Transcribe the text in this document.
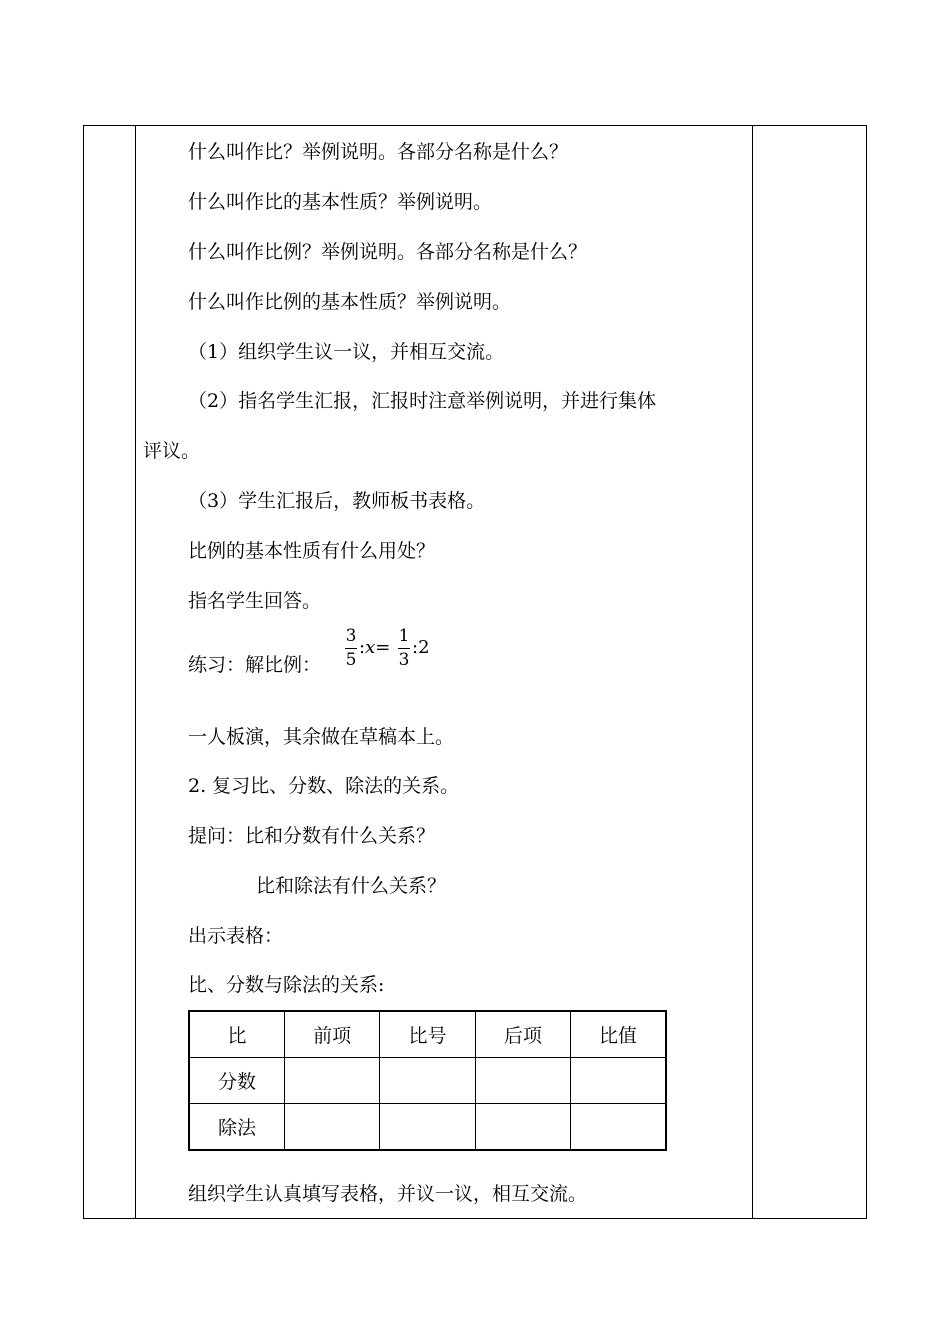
什么叫作比？举例说明。各部分名称是什么？
什么叫作比的基本性质？举例说明。
什么叫作比例？举例说明。各部分名称是什么？
什么叫作比例的基本性质？举例说明。
（1）组织学生议一议，并相互交流。
（2）指名学生汇报，汇报时注意举例说明，并进行集体
评议。
（3）学生汇报后，教师板书表格。
比例的基本性质有什么用处？
指名学生回答。
练习：解比例：
3
5
:x=
1
3
:2
一人板演，其余做在草稿本上。
2. 复习比、分数、除法的关系。
提问：比和分数有什么关系？
比和除法有什么关系？
出示表格：
比、分数与除法的关系:
比	前项	比号	后项	比值
分数				
除法				
组织学生认真填写表格，并议一议，相互交流。
